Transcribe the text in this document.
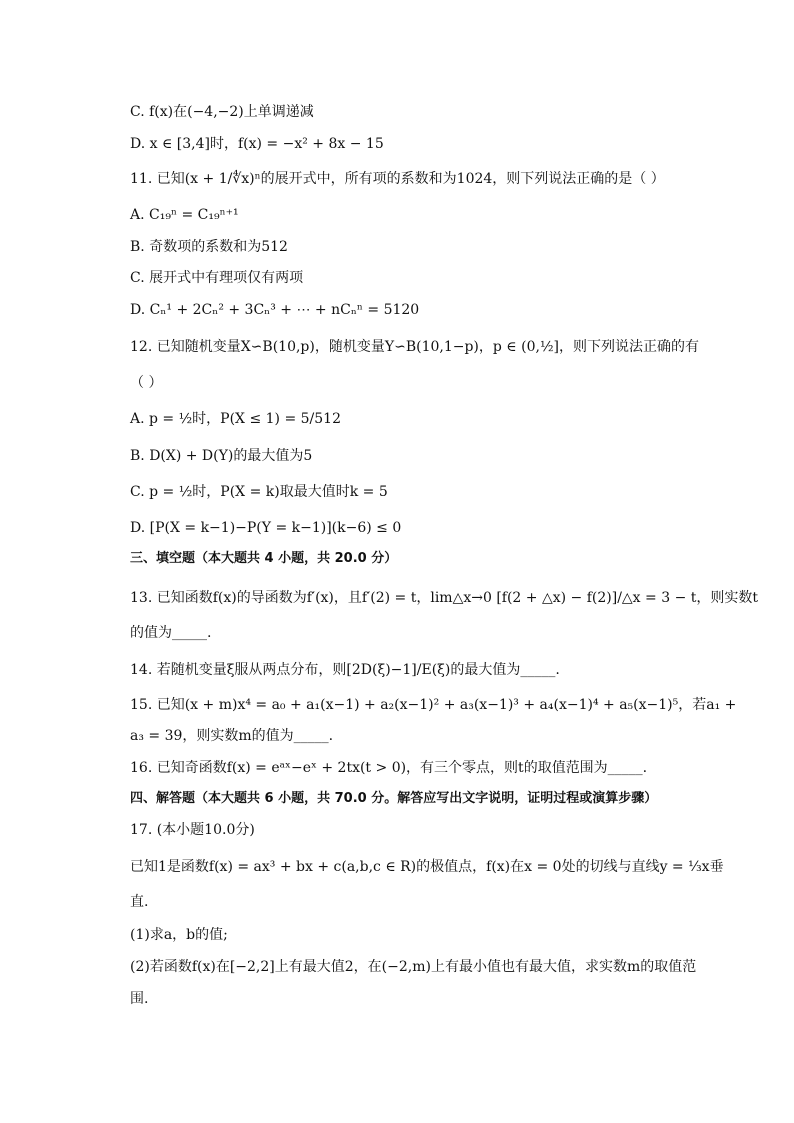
C. f(x)在(−4,−2)上单调递减
D. x ∈ [3,4]时，f(x) = −x² + 8x − 15
11. 已知(x + 1/∜x)ⁿ的展开式中，所有项的系数和为1024，则下列说法正确的是（ ）
A. C₁₉ⁿ = C₁₉ⁿ⁺¹
B. 奇数项的系数和为512
C. 展开式中有理项仅有两项
D. Cₙ¹ + 2Cₙ² + 3Cₙ³ + ⋯ + nCₙⁿ = 5120
12. 已知随机变量X∽B(10,p)，随机变量Y∽B(10,1−p)，p ∈ (0,½]，则下列说法正确的有
（ ）
A. p = ½时，P(X ≤ 1) = 5/512
B. D(X) + D(Y)的最大值为5
C. p = ½时，P(X = k)取最大值时k = 5
D. [P(X = k−1)−P(Y = k−1)](k−6) ≤ 0
三、填空题（本大题共 4 小题，共 20.0 分）
13. 已知函数f(x)的导函数为f′(x)，且f′(2) = t，lim△x→0 [f(2 + △x) − f(2)]/△x = 3 − t，则实数t
的值为_____.
14. 若随机变量ξ服从两点分布，则[2D(ξ)−1]/E(ξ)的最大值为_____.
15. 已知(x + m)x⁴ = a₀ + a₁(x−1) + a₂(x−1)² + a₃(x−1)³ + a₄(x−1)⁴ + a₅(x−1)⁵，若a₁ +
a₃ = 39，则实数m的值为_____.
16. 已知奇函数f(x) = eᵃˣ−eˣ + 2tx(t > 0)，有三个零点，则t的取值范围为_____.
四、解答题（本大题共 6 小题，共 70.0 分。解答应写出文字说明，证明过程或演算步骤）
17. (本小题10.0分)
已知1是函数f(x) = ax³ + bx + c(a,b,c ∈ R)的极值点，f(x)在x = 0处的切线与直线y = ⅓x垂
直.
(1)求a，b的值;
(2)若函数f(x)在[−2,2]上有最大值2，在(−2,m)上有最小值也有最大值，求实数m的取值范
围.
